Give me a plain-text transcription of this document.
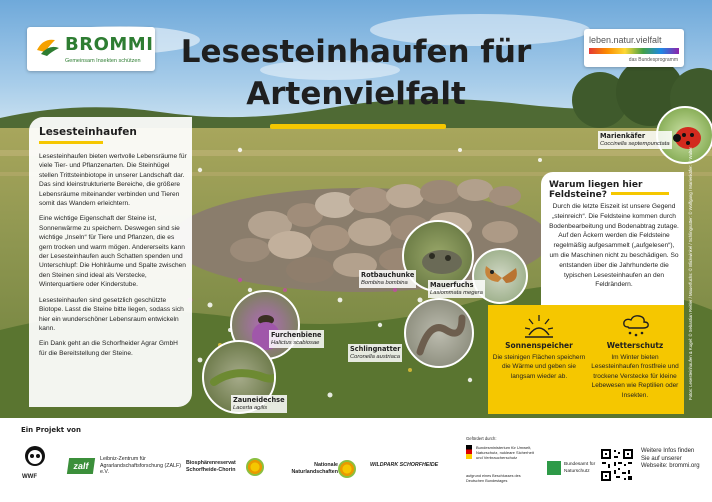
BROMMI
Gemeinsam Insekten schützen
leben.natur.vielfalt
das Bundesprogramm
Lesesteinhaufen für
Artenvielfalt
Lesesteinhaufen

Lesesteinhaufen bieten wertvolle Lebensräume für viele Tier- und Pflanzenarten. Die Steinhügel stellen Trittsteinbiotope in unserer Landschaft dar. Das sind kleinstrukturierte Bereiche, die größere Lebensräume miteinander verbinden und Tieren somit das Wandern erleichtern.

Eine wichtige Eigenschaft der Steine ist, Sonnenwärme zu speichern. Deswegen sind sie wichtige „Inseln“ für Tiere und Pflanzen, die es gern trocken und warm mögen. Andererseits kann der Lesesteinhaufen auch Schatten spenden und Unterschlupf: Die Hohlräume und Spalte zwischen den Steinen sind ideal als Verstecke, Winterquartiere oder Kinderstube.

Lesesteinhaufen sind gesetzlich geschützte Biotope. Lasst die Steine bitte liegen, sodass sich hier ein wunderschöner Lebensraum entwickeln kann.

Ein Dank geht an die Schorfheider Agrar GmbH für die Bereitstellung der Steine.

Marienkäfer
Coccinella septempunctata
Rotbauchunke
Bombina bombina	Mauerfuchs
Lasiommata megera
Schlingnatter
Coronella austriaca
Furchenbiene
Halictus scabiosae
Zauneidechse
Lacerta agilis
Warum liegen hier Feldsteine?
Durch die letzte Eiszeit ist unsere Gegend „steinreich“. Die Feldsteine kommen durch Bodenbearbeitung und Bodenabtrag zutage. Auf den Äckern werden die Feldsteine regelmäßig aufgesammelt („aufgelesen“), um die Maschinen nicht zu beschädigen. So entstanden über die Jahrhunderte die typischen Lesesteinhaufen an den Feldrändern.
Sonnenspeicher
Die steinigen Flächen speichern die Wärme und geben sie langsam wieder ab.
Wetterschutz
Im Winter bieten Lesesteinhaufen frostfreie und trockene Verstecke für kleine Lebewesen wie Reptilien oder Insekten.	Fotos: Lesesteinhaufen & Kugel: © Sebastian Reitler / Mauerfuchs: © Blickwinkel / Schlingnatter: © Wolfgang / Marienkäfer: © Walter
Ein Projekt von
WWF
zalf
Leibniz-Zentrum für Agrarlandschaftsforschung (ZALF) e.V.
Biosphärenreservat Schorfheide-Chorin
Nationale Naturlandschaften
WILDPARK SCHORFHEIDE
Gefördert durch:
Bundesministerium für Umwelt, Naturschutz, nukleare Sicherheit und Verbraucherschutz
aufgrund eines Beschlusses des Deutschen Bundestages
Bundesamt für Naturschutz
Weitere Infos finden Sie auf unserer Webseite: brommi.org
